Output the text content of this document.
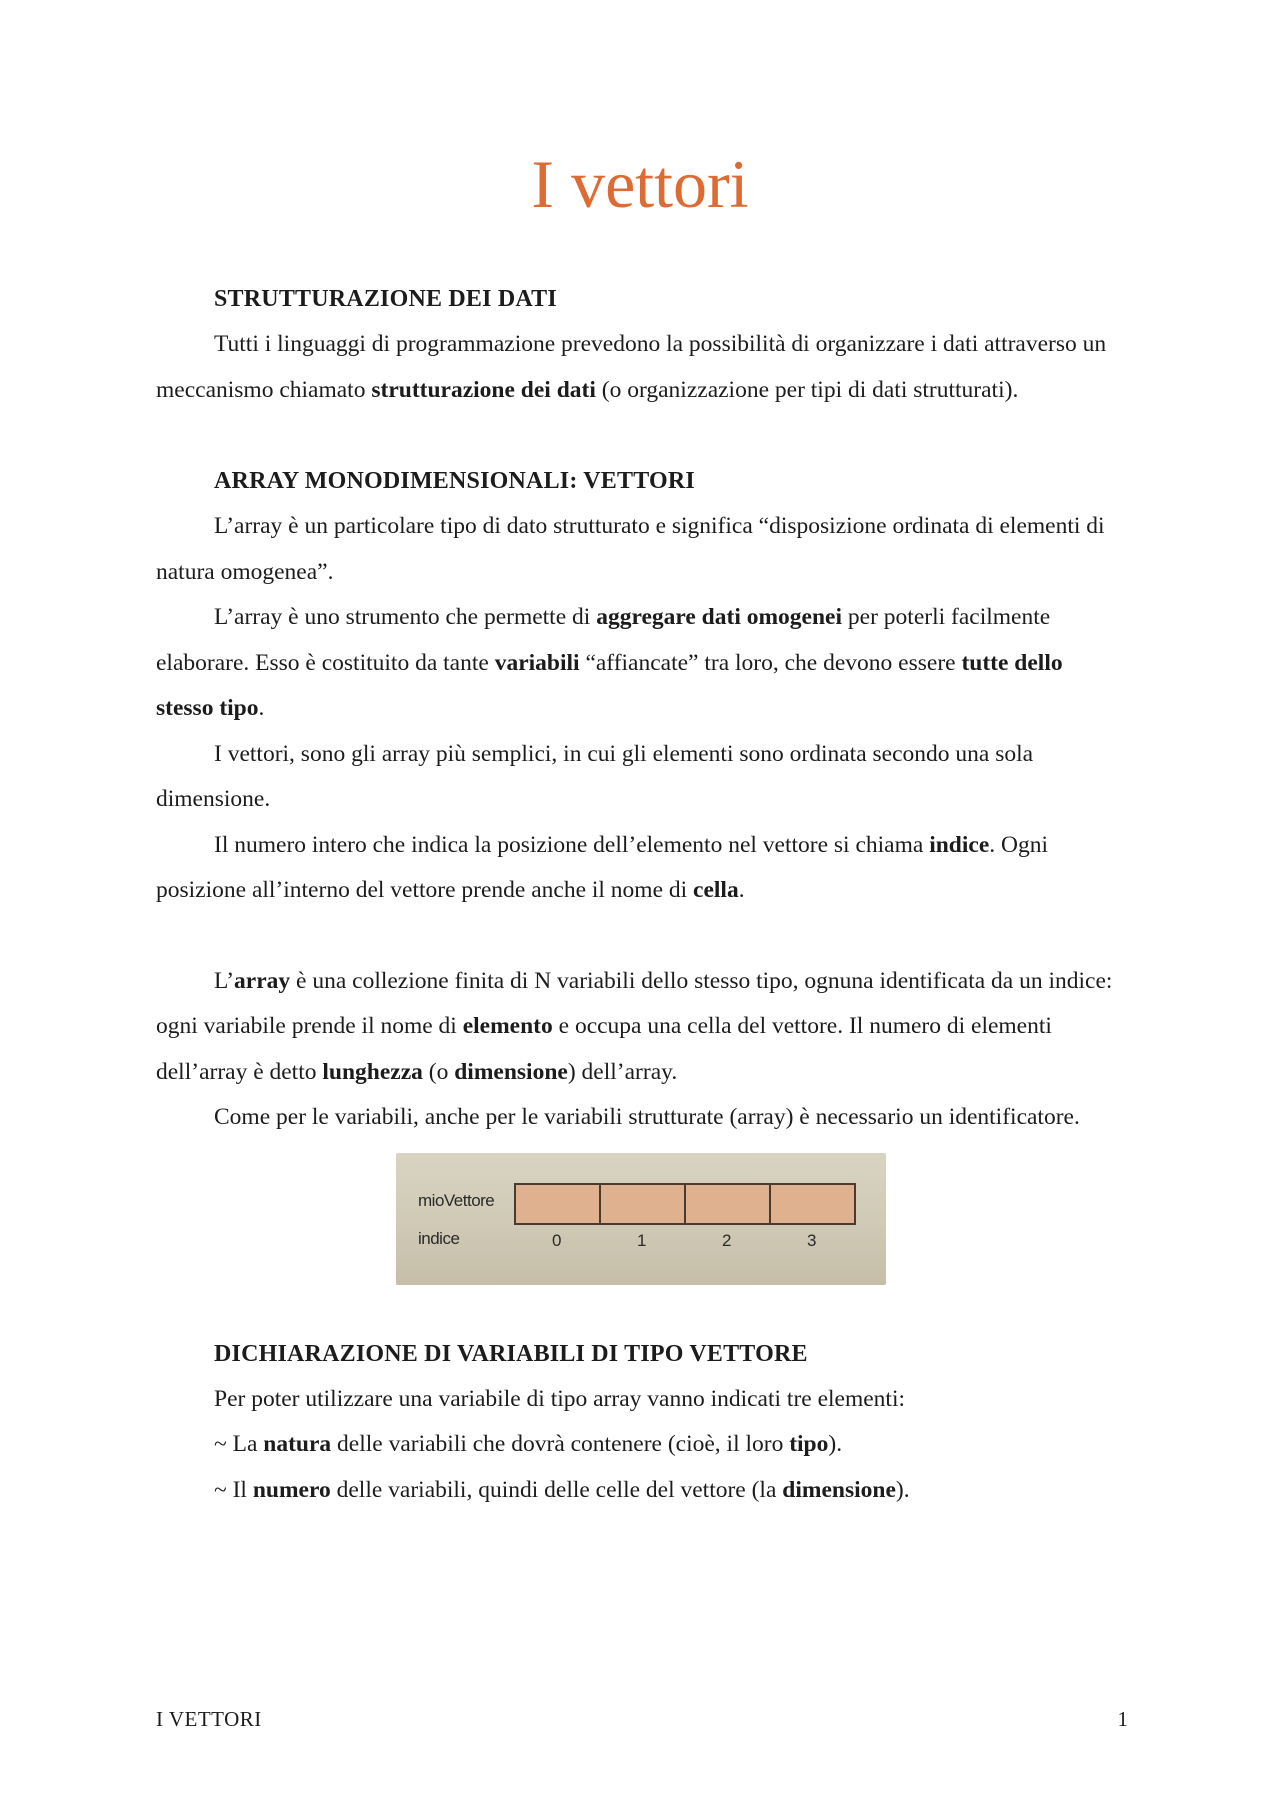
I vettori
STRUTTURAZIONE DEI DATI

Tutti i linguaggi di programmazione prevedono la possibilità di organizzare i dati attraverso un meccanismo chiamato strutturazione dei dati (o organizzazione per tipi di dati strutturati).

ARRAY MONODIMENSIONALI: VETTORI

L’array è un particolare tipo di dato strutturato e significa “disposizione ordinata di elementi di natura omogenea”.

L’array è uno strumento che permette di aggregare dati omogenei per poterli facilmente elaborare. Esso è costituito da tante variabili “affiancate” tra loro, che devono essere tutte dello stesso tipo.

I vettori, sono gli array più semplici, in cui gli elementi sono ordinata secondo una sola dimensione.

Il numero intero che indica la posizione dell’elemento nel vettore si chiama indice. Ogni posizione all’interno del vettore prende anche il nome di cella.

L’array è una collezione finita di N variabili dello stesso tipo, ognuna identificata da un indice: ogni variabile prende il nome di elemento e occupa una cella del vettore. Il numero di elementi dell’array è detto lunghezza (o dimensione) dell’array.

Come per le variabili, anche per le variabili strutturate (array) è necessario un identificatore.

mioVettore
indice	0	1	2	3
DICHIARAZIONE DI VARIABILI DI TIPO VETTORE

Per poter utilizzare una variabile di tipo array vanno indicati tre elementi:

~ La natura delle variabili che dovrà contenere (cioè, il loro tipo).
~ Il numero delle variabili, quindi delle celle del vettore (la dimensione).
I VETTORI	1
